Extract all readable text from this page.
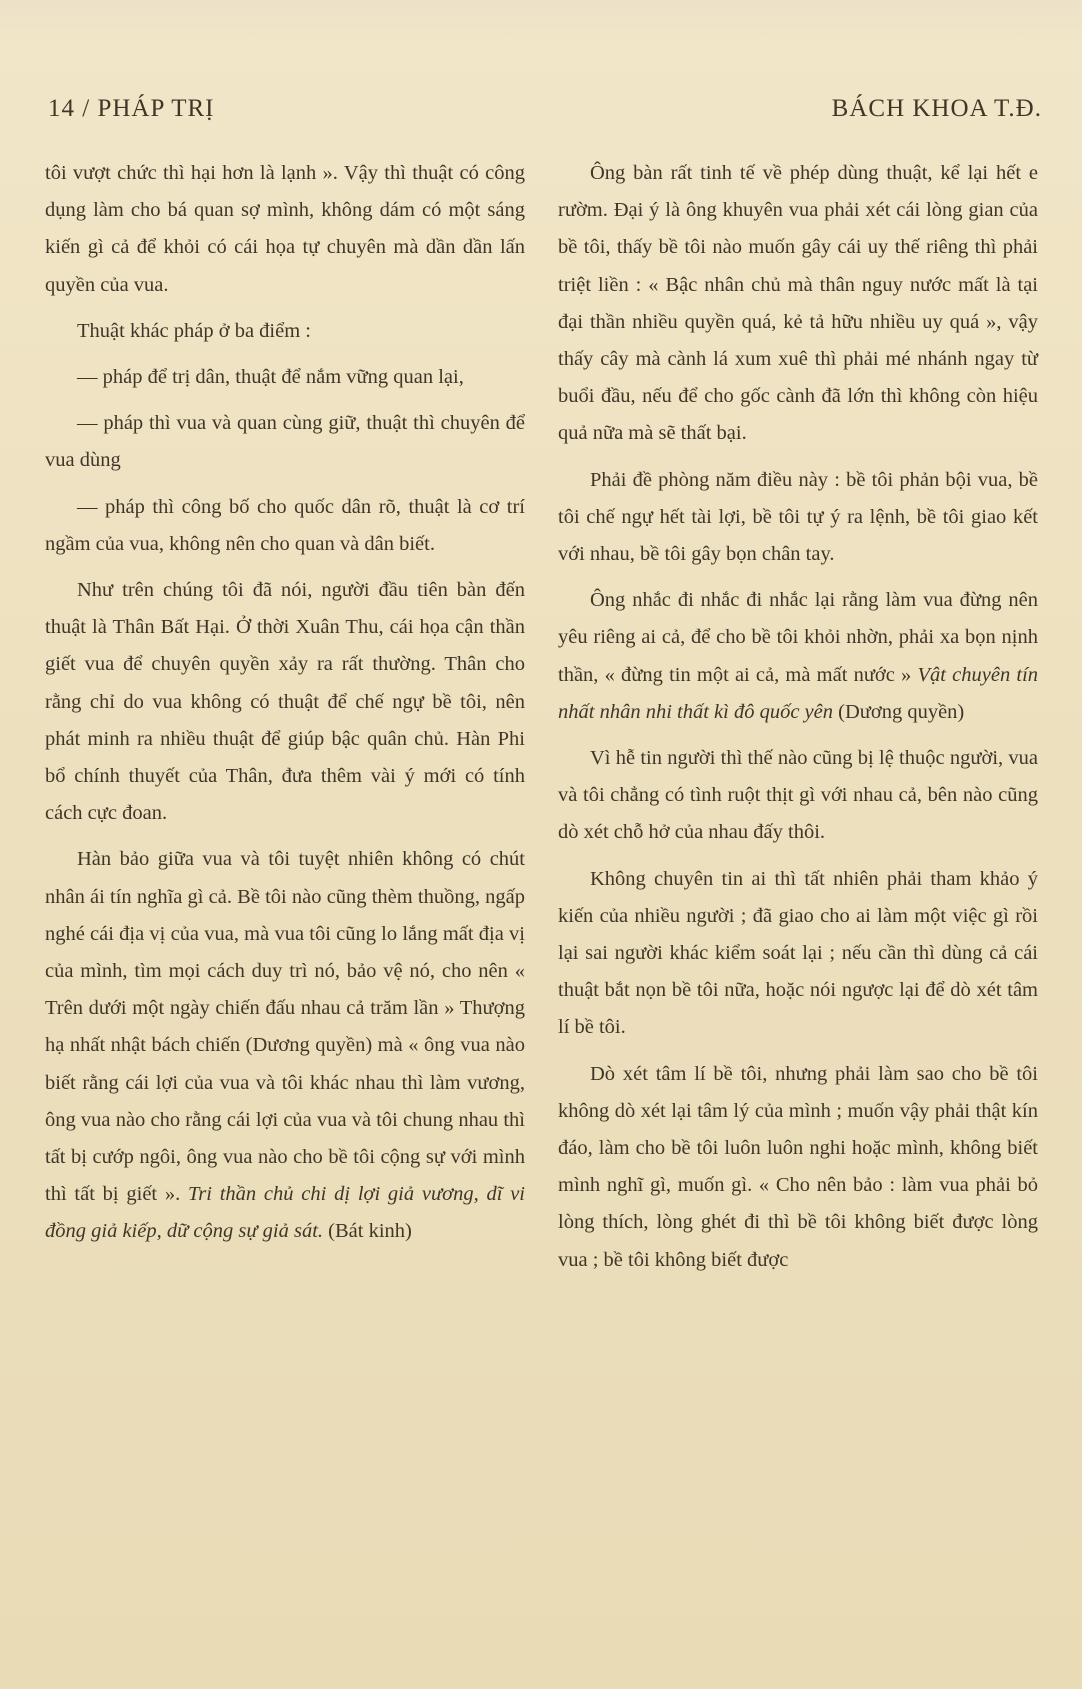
14 / PHÁP TRỊ	BÁCH KHOA T.Đ.

tôi vượt chức thì hại hơn là lạnh ». Vậy thì thuật có công dụng làm cho bá quan sợ mình, không dám có một sáng kiến gì cả để khỏi có cái họa tự chuyên mà dần dần lấn quyền của vua.

Thuật khác pháp ở ba điểm :

— pháp để trị dân, thuật để nắm vững quan lại,

— pháp thì vua và quan cùng giữ, thuật thì chuyên để vua dùng

— pháp thì công bố cho quốc dân rõ, thuật là cơ trí ngầm của vua, không nên cho quan và dân biết.

Như trên chúng tôi đã nói, người đầu tiên bàn đến thuật là Thân Bất Hại. Ở thời Xuân Thu, cái họa cận thần giết vua để chuyên quyền xảy ra rất thường. Thân cho rằng chỉ do vua không có thuật để chế ngự bề tôi, nên phát minh ra nhiều thuật để giúp bậc quân chủ. Hàn Phi bổ chính thuyết của Thân, đưa thêm vài ý mới có tính cách cực đoan.

Hàn bảo giữa vua và tôi tuyệt nhiên không có chút nhân ái tín nghĩa gì cả. Bề tôi nào cũng thèm thuồng, ngấp nghé cái địa vị của vua, mà vua tôi cũng lo lắng mất địa vị của mình, tìm mọi cách duy trì nó, bảo vệ nó, cho nên « Trên dưới một ngày chiến đấu nhau cả trăm lần » Thượng hạ nhất nhật bách chiến (Dương quyền) mà « ông vua nào biết rằng cái lợi của vua và tôi khác nhau thì làm vương, ông vua nào cho rằng cái lợi của vua và tôi chung nhau thì tất bị cướp ngôi, ông vua nào cho bề tôi cộng sự với mình thì tất bị giết ». Tri thần chủ chi dị lợi giả vương, dĩ vi đồng giả kiếp, dữ cộng sự giả sát. (Bát kinh)

Ông bàn rất tinh tế về phép dùng thuật, kể lại hết e rườm. Đại ý là ông khuyên vua phải xét cái lòng gian của bề tôi, thấy bề tôi nào muốn gây cái uy thế riêng thì phải triệt liền : « Bậc nhân chủ mà thân nguy nước mất là tại đại thần nhiều quyền quá, kẻ tả hữu nhiều uy quá », vậy thấy cây mà cành lá xum xuê thì phải mé nhánh ngay từ buổi đầu, nếu để cho gốc cành đã lớn thì không còn hiệu quả nữa mà sẽ thất bại.

Phải đề phòng năm điều này : bề tôi phản bội vua, bề tôi chế ngự hết tài lợi, bề tôi tự ý ra lệnh, bề tôi giao kết với nhau, bề tôi gây bọn chân tay.

Ông nhắc đi nhắc đi nhắc lại rằng làm vua đừng nên yêu riêng ai cả, để cho bề tôi khỏi nhờn, phải xa bọn nịnh thần, « đừng tin một ai cả, mà mất nước » Vật chuyên tín nhất nhân nhi thất kì đô quốc yên (Dương quyền)

Vì hễ tin người thì thế nào cũng bị lệ thuộc người, vua và tôi chẳng có tình ruột thịt gì với nhau cả, bên nào cũng dò xét chỗ hở của nhau đấy thôi.

Không chuyên tin ai thì tất nhiên phải tham khảo ý kiến của nhiều người ; đã giao cho ai làm một việc gì rồi lại sai người khác kiểm soát lại ; nếu cần thì dùng cả cái thuật bắt nọn bề tôi nữa, hoặc nói ngược lại để dò xét tâm lí bề tôi.

Dò xét tâm lí bề tôi, nhưng phải làm sao cho bề tôi không dò xét lại tâm lý của mình ; muốn vậy phải thật kín đáo, làm cho bề tôi luôn luôn nghi hoặc mình, không biết mình nghĩ gì, muốn gì. « Cho nên bảo : làm vua phải bỏ lòng thích, lòng ghét đi thì bề tôi không biết được lòng vua ; bề tôi không biết được
